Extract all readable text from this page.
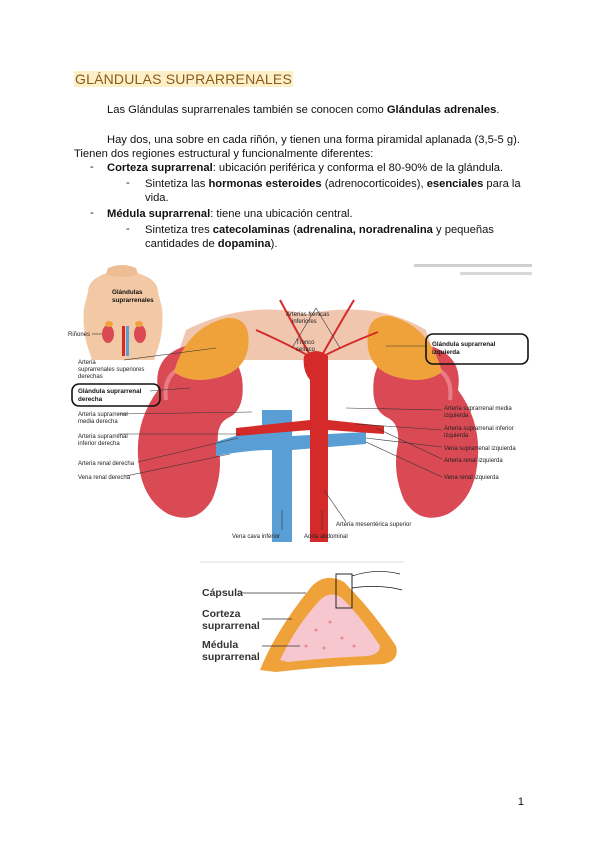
GLÁNDULAS SUPRARRENALES
Las Glándulas suprarrenales también se conocen como Glándulas adrenales.
Hay dos, una sobre en cada riñón, y tienen una forma piramidal aplanada (3,5-5 g).
Tienen dos regiones estructural y funcionalmente diferentes:
- Corteza suprarrenal: ubicación periférica y conforma el 80-90% de la glándula.
- Sintetiza las hormonas esteroides (adrenocorticoides), esenciales para la
vida.
- Médula suprarrenal: tiene una ubicación central.
- Sintetiza tres catecolaminas (adrenalina, noradrenalina y pequeñas
cantidades de dopamina).
Glándulas
suprarrenales
Riñones
Arteria
suprarrenales superiores
derechas
Glándula suprarrenal
derecha
Arteria suprarrenal
media derecha
Arteria suprarrenal
inferior derecha
Arteria renal derecha
Vena renal derecha
Arterias frénicas
inferiores
Tronco
celíaco
Glándula suprarrenal
izquierda
Arteria suprarrenal media
izquierda
Arteria suprarrenal inferior
izquierda
Vena suprarrenal izquierda
Arteria renal izquierda
Vena renal izquierda
Arteria mesentérica superior
Vena cava inferior	Aorta abdominal
Cápsula
Corteza
suprarrenal
Médula
suprarrenal
1
